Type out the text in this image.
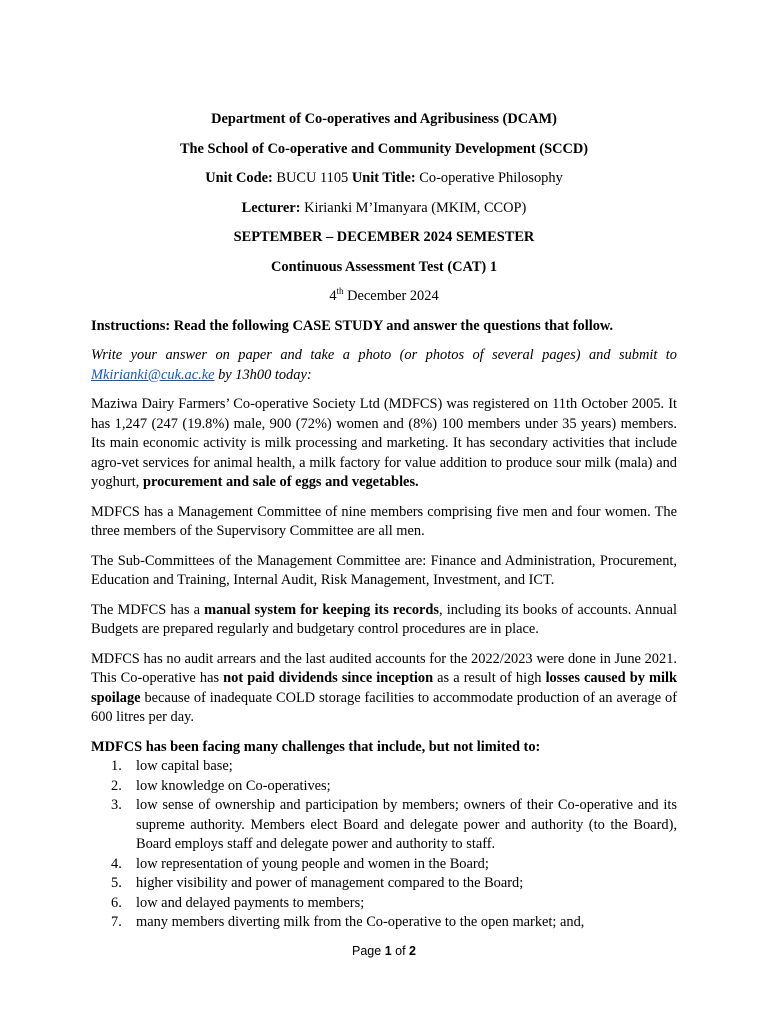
Department of Co-operatives and Agribusiness (DCAM)

The School of Co-operative and Community Development (SCCD)

Unit Code: BUCU 1105 Unit Title: Co-operative Philosophy

Lecturer: Kirianki M’Imanyara (MKIM, CCOP)

SEPTEMBER – DECEMBER 2024 SEMESTER

Continuous Assessment Test (CAT) 1

4th December 2024

Instructions: Read the following CASE STUDY and answer the questions that follow.

Write your answer on paper and take a photo (or photos of several pages) and submit to Mkirianki@cuk.ac.ke by 13h00 today:

Maziwa Dairy Farmers’ Co-operative Society Ltd (MDFCS) was registered on 11th October 2005. It has 1,247 (247 (19.8%) male, 900 (72%) women and (8%) 100 members under 35 years) members. Its main economic activity is milk processing and marketing. It has secondary activities that include agro-vet services for animal health, a milk factory for value addition to produce sour milk (mala) and yoghurt, procurement and sale of eggs and vegetables.

MDFCS has a Management Committee of nine members comprising five men and four women. The three members of the Supervisory Committee are all men.

The Sub-Committees of the Management Committee are: Finance and Administration, Procurement, Education and Training, Internal Audit, Risk Management, Investment, and ICT.

The MDFCS has a manual system for keeping its records, including its books of accounts. Annual Budgets are prepared regularly and budgetary control procedures are in place.

MDFCS has no audit arrears and the last audited accounts for the 2022/2023 were done in June 2021. This Co-operative has not paid dividends since inception as a result of high losses caused by milk spoilage because of inadequate COLD storage facilities to accommodate production of an average of 600 litres per day.

MDFCS has been facing many challenges that include, but not limited to:

1. low capital base;
2. low knowledge on Co-operatives;
3. low sense of ownership and participation by members; owners of their Co-operative and its supreme authority. Members elect Board and delegate power and authority (to the Board), Board employs staff and delegate power and authority to staff.
4. low representation of young people and women in the Board;
5. higher visibility and power of management compared to the Board;
6. low and delayed payments to members;
7. many members diverting milk from the Co-operative to the open market; and,
Page 1 of 2
